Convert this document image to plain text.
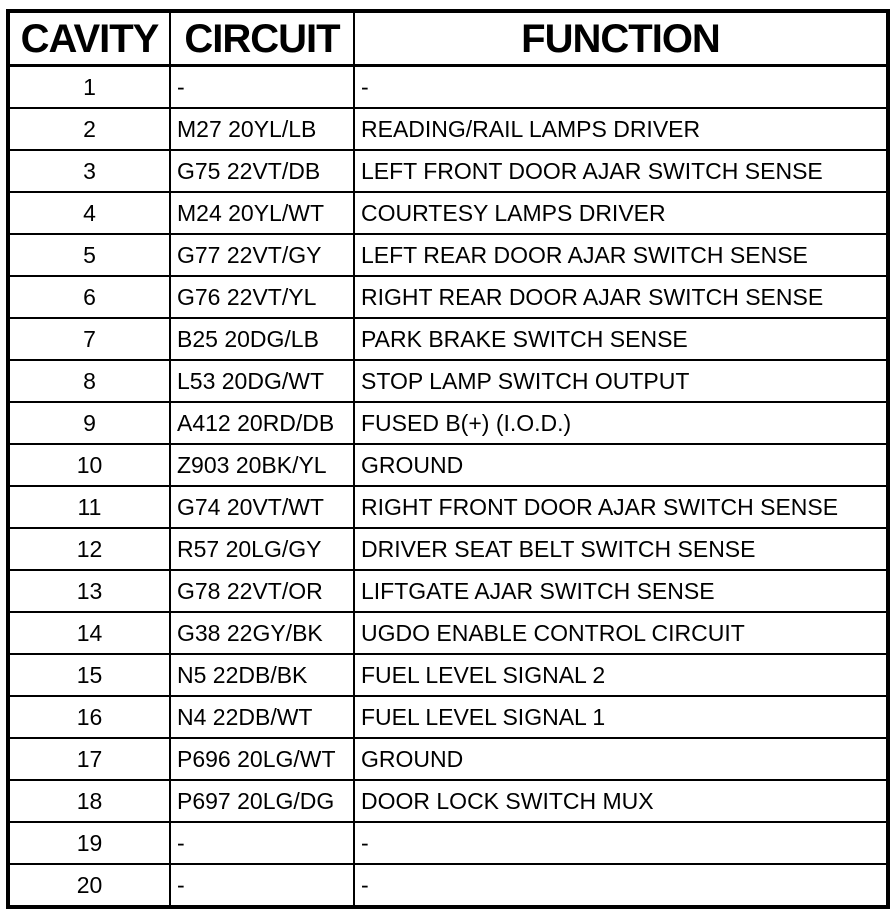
CAVITY	CIRCUIT	FUNCTION
1	-	-
2	M27 20YL/LB	READING/RAIL LAMPS DRIVER
3	G75 22VT/DB	LEFT FRONT DOOR AJAR SWITCH SENSE
4	M24 20YL/WT	COURTESY LAMPS DRIVER
5	G77 22VT/GY	LEFT REAR DOOR AJAR SWITCH SENSE
6	G76 22VT/YL	RIGHT REAR DOOR AJAR SWITCH SENSE
7	B25 20DG/LB	PARK BRAKE SWITCH SENSE
8	L53 20DG/WT	STOP LAMP SWITCH OUTPUT
9	A412 20RD/DB	FUSED B(+) (I.O.D.)
10	Z903 20BK/YL	GROUND
11	G74 20VT/WT	RIGHT FRONT DOOR AJAR SWITCH SENSE
12	R57 20LG/GY	DRIVER SEAT BELT SWITCH SENSE
13	G78 22VT/OR	LIFTGATE AJAR SWITCH SENSE
14	G38 22GY/BK	UGDO ENABLE CONTROL CIRCUIT
15	N5 22DB/BK	FUEL LEVEL SIGNAL 2
16	N4 22DB/WT	FUEL LEVEL SIGNAL 1
17	P696 20LG/WT	GROUND
18	P697 20LG/DG	DOOR LOCK SWITCH MUX
19	-	-
20	-	-
